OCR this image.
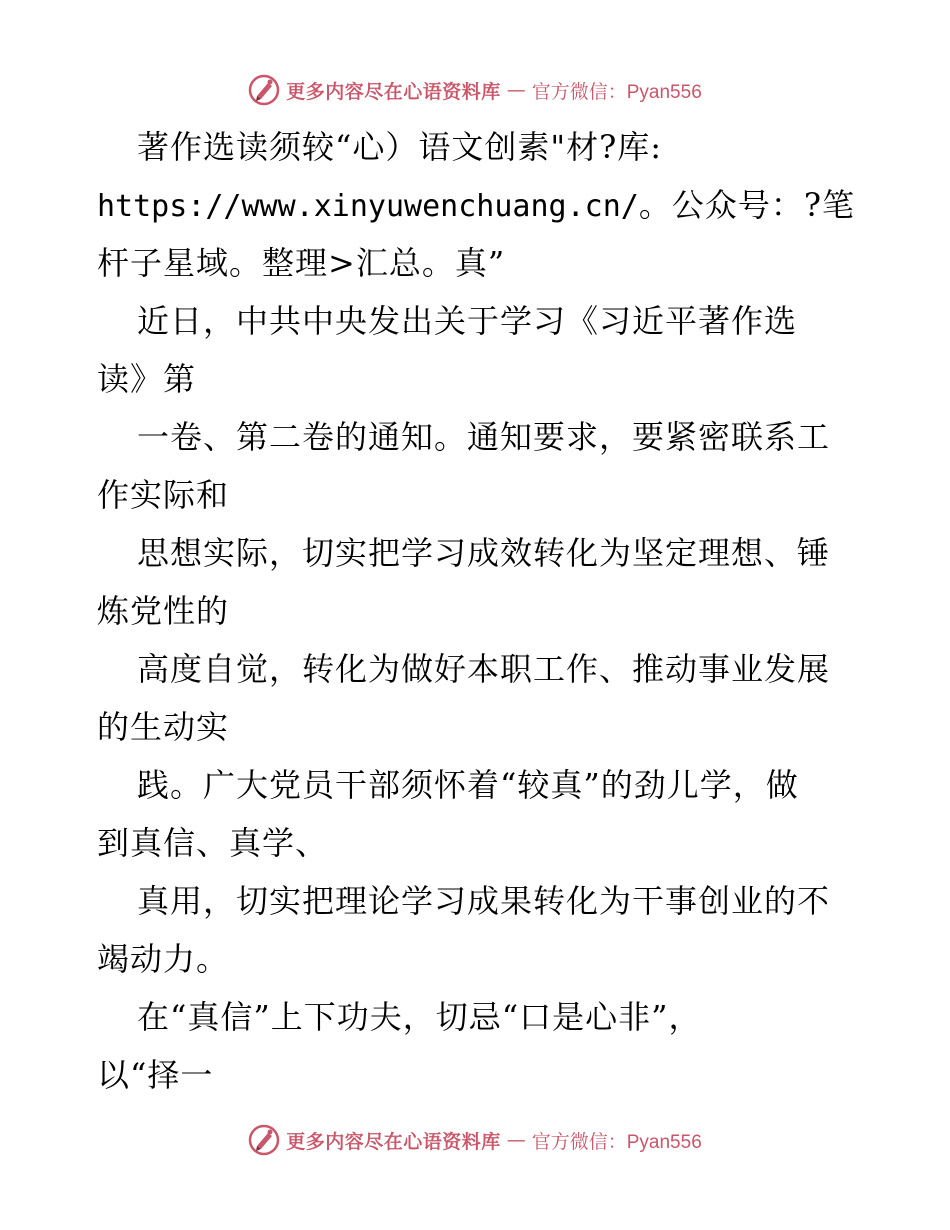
更多内容尽在心语资料库 — 官方微信：Pyan556
著作选读须较“心）语文创素"材?库:
https://www.xinyuwenchuang.cn/。公众号：?笔
杆子星域。整理>汇总。真”
近日，中共中央发出关于学习《习近平著作选
读》第
一卷、第二卷的通知。通知要求，要紧密联系工
作实际和
思想实际，切实把学习成效转化为坚定理想、锤
炼党性的
高度自觉，转化为做好本职工作、推动事业发展
的生动实
践。广大党员干部须怀着“较真”的劲儿学，做
到真信、真学、
真用，切实把理论学习成果转化为干事创业的不
竭动力。
在“真信”上下功夫，切忌“口是心非”，
以“择一
更多内容尽在心语资料库 — 官方微信：Pyan556
